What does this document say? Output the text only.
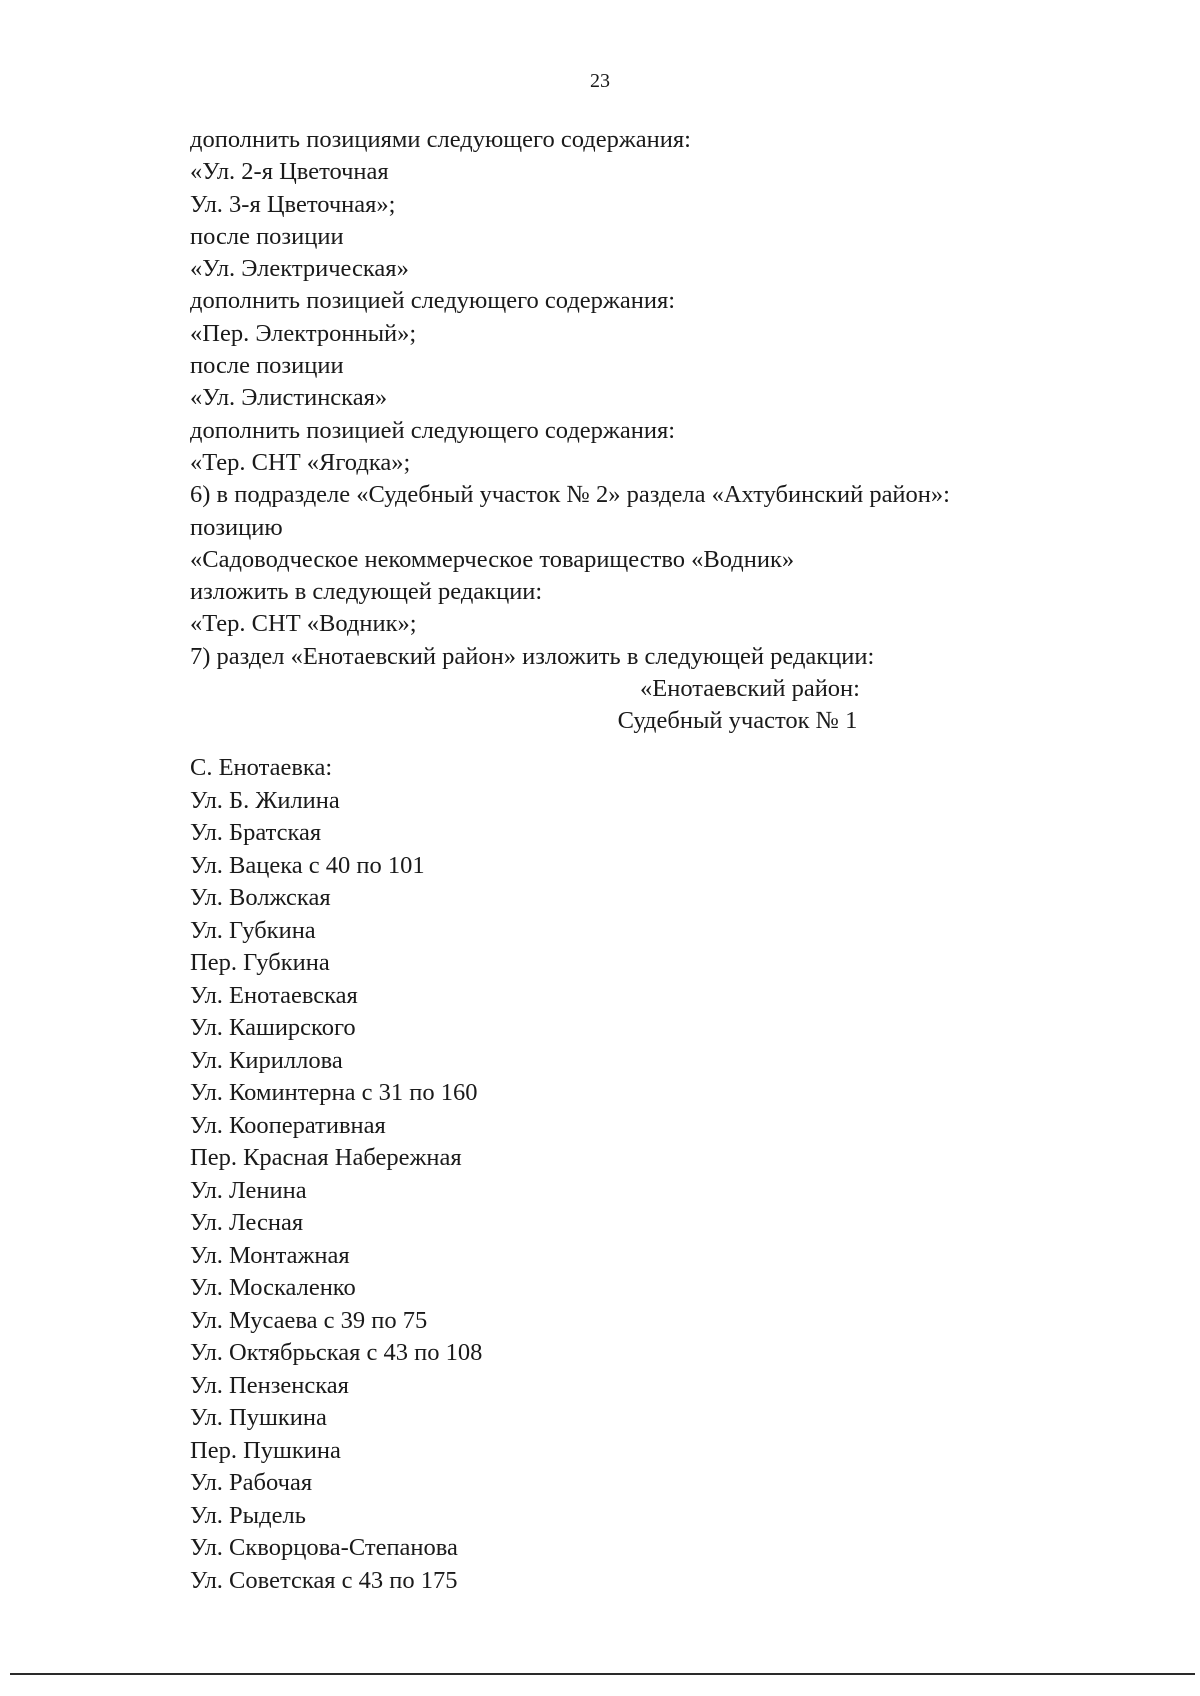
23
дополнить позициями следующего содержания:
«Ул. 2-я Цветочная
Ул. 3-я Цветочная»;
после позиции
«Ул. Электрическая»
дополнить позицией следующего содержания:
«Пер. Электронный»;
после позиции
«Ул. Элистинская»
дополнить позицией следующего содержания:
«Тер. СНТ «Ягодка»;
6) в подразделе «Судебный участок № 2» раздела «Ахтубинский район»:
позицию
«Садоводческое некоммерческое товарищество «Водник»
изложить в следующей редакции:
«Тер. СНТ «Водник»;
7) раздел «Енотаевский район» изложить в следующей редакции:
«Енотаевский район:
Судебный участок № 1
С. Енотаевка:
Ул. Б. Жилина
Ул. Братская
Ул. Вацека с 40 по 101
Ул. Волжская
Ул. Губкина
Пер. Губкина
Ул. Енотаевская
Ул. Каширского
Ул. Кириллова
Ул. Коминтерна с 31 по 160
Ул. Кооперативная
Пер. Красная Набережная
Ул. Ленина
Ул. Лесная
Ул. Монтажная
Ул. Москаленко
Ул. Мусаева с 39 по 75
Ул. Октябрьская с 43 по 108
Ул. Пензенская
Ул. Пушкина
Пер. Пушкина
Ул. Рабочая
Ул. Рыдель
Ул. Скворцова-Степанова
Ул. Советская с 43 по 175
